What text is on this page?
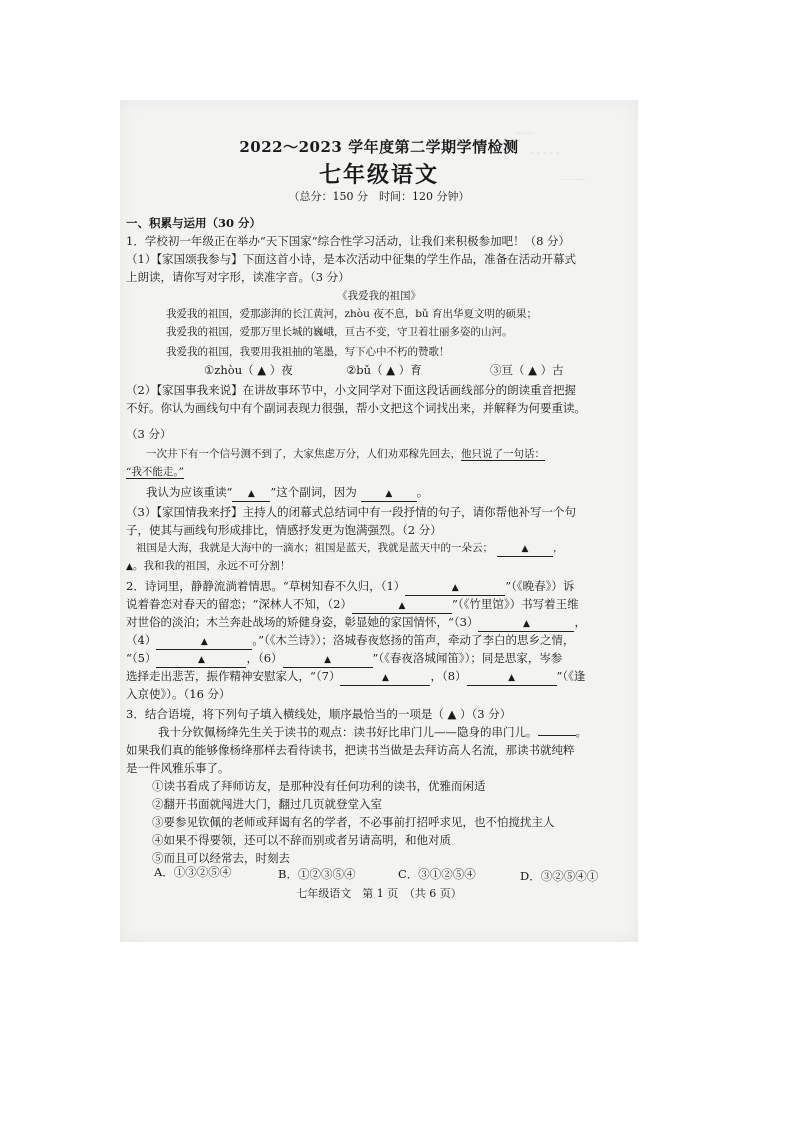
......
- - - - -
........
2022～2023 学年度第二学期学情检测
七年级语文
（总分：150 分　时间：120 分钟）
一、积累与运用（30 分）
1．学校初一年级正在举办“天下国家”综合性学习活动，让我们来积极参加吧！（8 分）
（1）【家国颂我参与】下面这首小诗，是本次活动中征集的学生作品，准备在活动开幕式
上朗读，请你写对字形，读准字音。（3 分）
《我爱我的祖国》
我爱我的祖国，爱那澎湃的长江黄河，zhòu 夜不息，bǔ 育出华夏文明的硕果；
我爱我的祖国，爱那万里长城的巍峨，亘古不变，守卫着壮丽多姿的山河。
我爱我的祖国，我要用我祖抽的笔墨，写下心中不朽的赞歌！
①zhòu（ ▲ ）夜	②bǔ（ ▲ ）育	③亘（ ▲ ）古
（2）【家国事我来说】在讲故事环节中，小文同学对下面这段话画线部分的朗读重音把握
不好。你认为画线句中有个副词表现力很强，帮小文把这个词找出来，并解释为何要重读。
（3 分）
一次井下有一个信号测不到了，大家焦虑万分，人们劝邓稼先回去，他只说了一句话：
“我不能走。”
我认为应该重读“ ▲ ”这个副词，因为	▲ 。
（3）【家国情我来抒】主持人的闭幕式总结词中有一段抒情的句子，请你帮他补写一个句
子，使其与画线句形成排比，情感抒发更为饱满强烈。（2 分）
祖国是大海，我就是大海中的一滴水；祖国是蓝天，我就是蓝天中的一朵云；	▲ ，
▲。我和我的祖国，永远不可分割！
2．诗词里，静静流淌着情思。“草树知春不久归，（1）	▲	”（《晚春》）诉
说着眷恋对春天的留恋；“深林人不知，（2）	▲	”（《竹里馆》）书写着王维
对世俗的淡泊；木兰奔赴战场的矫健身姿，彰显她的家国情怀，“（3）	▲	，
（4）	▲	。”（《木兰诗》）；洛城春夜悠扬的笛声，牵动了李白的思乡之情，
“（5）	▲	，（6）	▲	”（《春夜洛城闻笛》）；同是思家，岑参
选择走出悲苦，振作精神安慰家人，“（7）	▲	，（8）	▲	”（《逢
入京使》）。（16 分）
3．结合语境，将下列句子填入横线处，顺序最恰当的一项是（ ▲ ）（3 分）
我十分钦佩杨绛先生关于读书的观点：读书好比串门儿——隐身的串门儿。	。
如果我们真的能够像杨绛那样去看待读书，把读书当做是去拜访高人名流，那读书就纯粹
是一件风雅乐事了。
①读书看成了拜师访友，是那种没有任何功利的读书，优雅而闲适
②翻开书面就闯进大门，翻过几页就登堂入室
③要参见钦佩的老师或拜谒有名的学者，不必事前打招呼求见，也不怕搅扰主人
④如果不得要领，还可以不辞而别或者另请高明，和他对质
⑤而且可以经常去，时刻去
A．①③②⑤④	B．①②③⑤④	C．③①②⑤④	D．③②⑤④①
七年级语文　第 1 页　（共 6 页）
